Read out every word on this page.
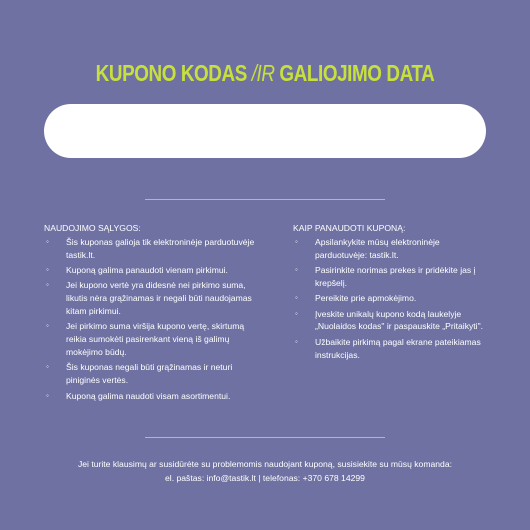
KUPONO KODAS /IR GALIOJIMO DATA
NAUDOJIMO SĄLYGOS:
◦ Šis kuponas galioja tik elektroninėje parduotuvėje tastik.lt.
◦ Kuponą galima panaudoti vienam pirkimui.
◦ Jei kupono vertė yra didesnė nei pirkimo suma, likutis nėra grąžinamas ir negali būti naudojamas kitam pirkimui.
◦ Jei pirkimo suma viršija kupono vertę, skirtumą reikia sumokėti pasirenkant vieną iš galimų mokėjimo būdų.
◦ Šis kuponas negali būti grąžinamas ir neturi piniginės vertės.
◦ Kuponą galima naudoti visam asortimentui.
KAIP PANAUDOTI KUPONĄ:
◦ Apsilankykite mūsų elektroninėje parduotuvėje: tastik.lt.
◦ Pasirinkite norimas prekes ir pridėkite jas į krepšelį.
◦ Pereikite prie apmokėjimo.
◦ Įveskite unikalų kupono kodą laukelyje „Nuolaidos kodas" ir paspauskite „Pritaikyti".
◦ Užbaikite pirkimą pagal ekrane pateikiamas instrukcijas.
Jei turite klausimų ar susidūrėte su problemomis naudojant kuponą, susisiekite su mūsų komanda:
el. paštas: info@tastik.lt | telefonas: +370 678 14299
